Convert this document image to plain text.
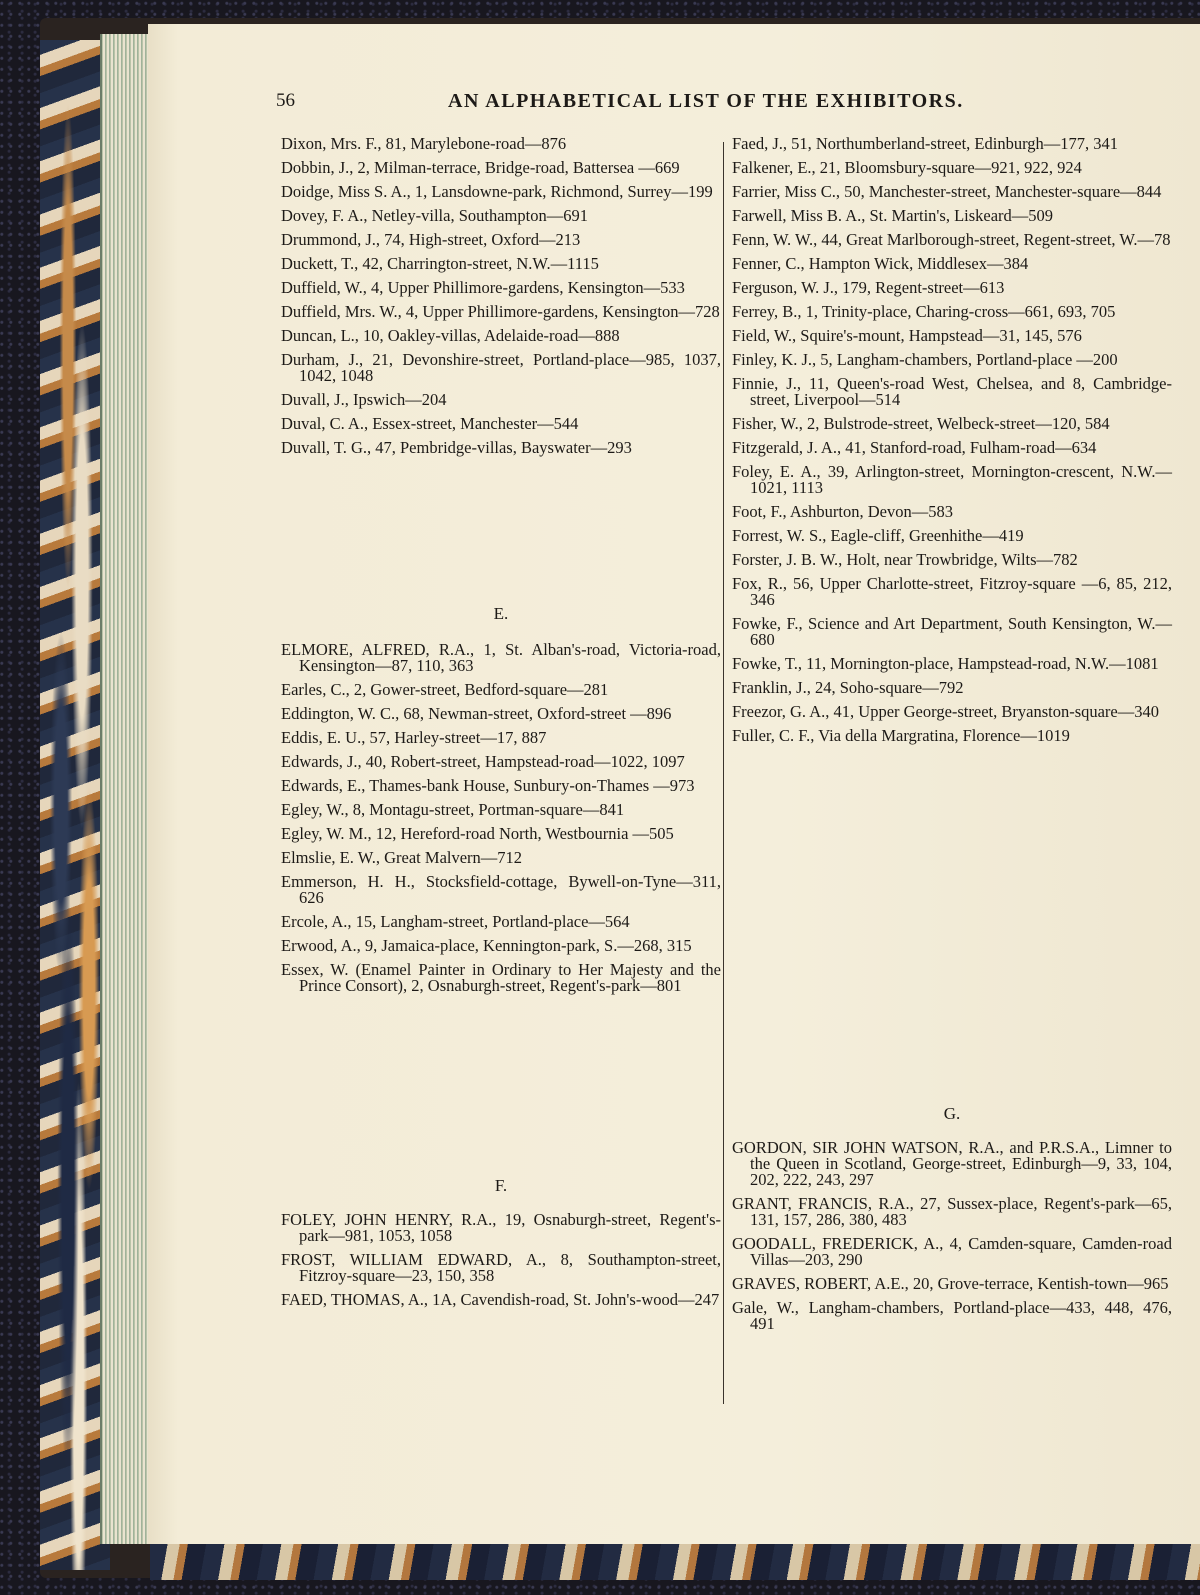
56	AN ALPHABETICAL LIST OF THE EXHIBITORS.

Dixon, Mrs. F., 81, Marylebone-road—876

Dobbin, J., 2, Milman-terrace, Bridge-road, Battersea —669

Doidge, Miss S. A., 1, Lansdowne-park, Richmond, Surrey—199

Dovey, F. A., Netley-villa, Southampton—691

Drummond, J., 74, High-street, Oxford—213

Duckett, T., 42, Charrington-street, N.W.—1115

Duffield, W., 4, Upper Phillimore-gardens, Kensington—533

Duffield, Mrs. W., 4, Upper Phillimore-gardens, Kensington—728

Duncan, L., 10, Oakley-villas, Adelaide-road—888

Durham, J., 21, Devonshire-street, Portland-place—985, 1037, 1042, 1048

Duvall, J., Ipswich—204

Duval, C. A., Essex-street, Manchester—544

Duvall, T. G., 47, Pembridge-villas, Bayswater—293

E.

ELMORE, ALFRED, R.A., 1, St. Alban's-road, Victoria-road, Kensington—87, 110, 363

Earles, C., 2, Gower-street, Bedford-square—281

Eddington, W. C., 68, Newman-street, Oxford-street —896

Eddis, E. U., 57, Harley-street—17, 887

Edwards, J., 40, Robert-street, Hampstead-road—1022, 1097

Edwards, E., Thames-bank House, Sunbury-on-Thames —973

Egley, W., 8, Montagu-street, Portman-square—841

Egley, W. M., 12, Hereford-road North, Westbournia —505

Elmslie, E. W., Great Malvern—712

Emmerson, H. H., Stocksfield-cottage, Bywell-on-Tyne—311, 626

Ercole, A., 15, Langham-street, Portland-place—564

Erwood, A., 9, Jamaica-place, Kennington-park, S.—268, 315

Essex, W. (Enamel Painter in Ordinary to Her Majesty and the Prince Consort), 2, Osnaburgh-street, Regent's-park—801

F.

FOLEY, JOHN HENRY, R.A., 19, Osnaburgh-street, Regent's-park—981, 1053, 1058

FROST, WILLIAM EDWARD, A., 8, Southampton-street, Fitzroy-square—23, 150, 358

FAED, THOMAS, A., 1A, Cavendish-road, St. John's-wood—247

Faed, J., 51, Northumberland-street, Edinburgh—177, 341

Falkener, E., 21, Bloomsbury-square—921, 922, 924

Farrier, Miss C., 50, Manchester-street, Manchester-square—844

Farwell, Miss B. A., St. Martin's, Liskeard—509

Fenn, W. W., 44, Great Marlborough-street, Regent-street, W.—78

Fenner, C., Hampton Wick, Middlesex—384

Ferguson, W. J., 179, Regent-street—613

Ferrey, B., 1, Trinity-place, Charing-cross—661, 693, 705

Field, W., Squire's-mount, Hampstead—31, 145, 576

Finley, K. J., 5, Langham-chambers, Portland-place —200

Finnie, J., 11, Queen's-road West, Chelsea, and 8, Cambridge-street, Liverpool—514

Fisher, W., 2, Bulstrode-street, Welbeck-street—120, 584

Fitzgerald, J. A., 41, Stanford-road, Fulham-road—634

Foley, E. A., 39, Arlington-street, Mornington-crescent, N.W.—1021, 1113

Foot, F., Ashburton, Devon—583

Forrest, W. S., Eagle-cliff, Greenhithe—419

Forster, J. B. W., Holt, near Trowbridge, Wilts—782

Fox, R., 56, Upper Charlotte-street, Fitzroy-square —6, 85, 212, 346

Fowke, F., Science and Art Department, South Kensington, W.—680

Fowke, T., 11, Mornington-place, Hampstead-road, N.W.—1081

Franklin, J., 24, Soho-square—792

Freezor, G. A., 41, Upper George-street, Bryanston-square—340

Fuller, C. F., Via della Margratina, Florence—1019

G.

GORDON, SIR JOHN WATSON, R.A., and P.R.S.A., Limner to the Queen in Scotland, George-street, Edinburgh—9, 33, 104, 202, 222, 243, 297

GRANT, FRANCIS, R.A., 27, Sussex-place, Regent's-park—65, 131, 157, 286, 380, 483

GOODALL, FREDERICK, A., 4, Camden-square, Camden-road Villas—203, 290

GRAVES, ROBERT, A.E., 20, Grove-terrace, Kentish-town—965

Gale, W., Langham-chambers, Portland-place—433, 448, 476, 491
